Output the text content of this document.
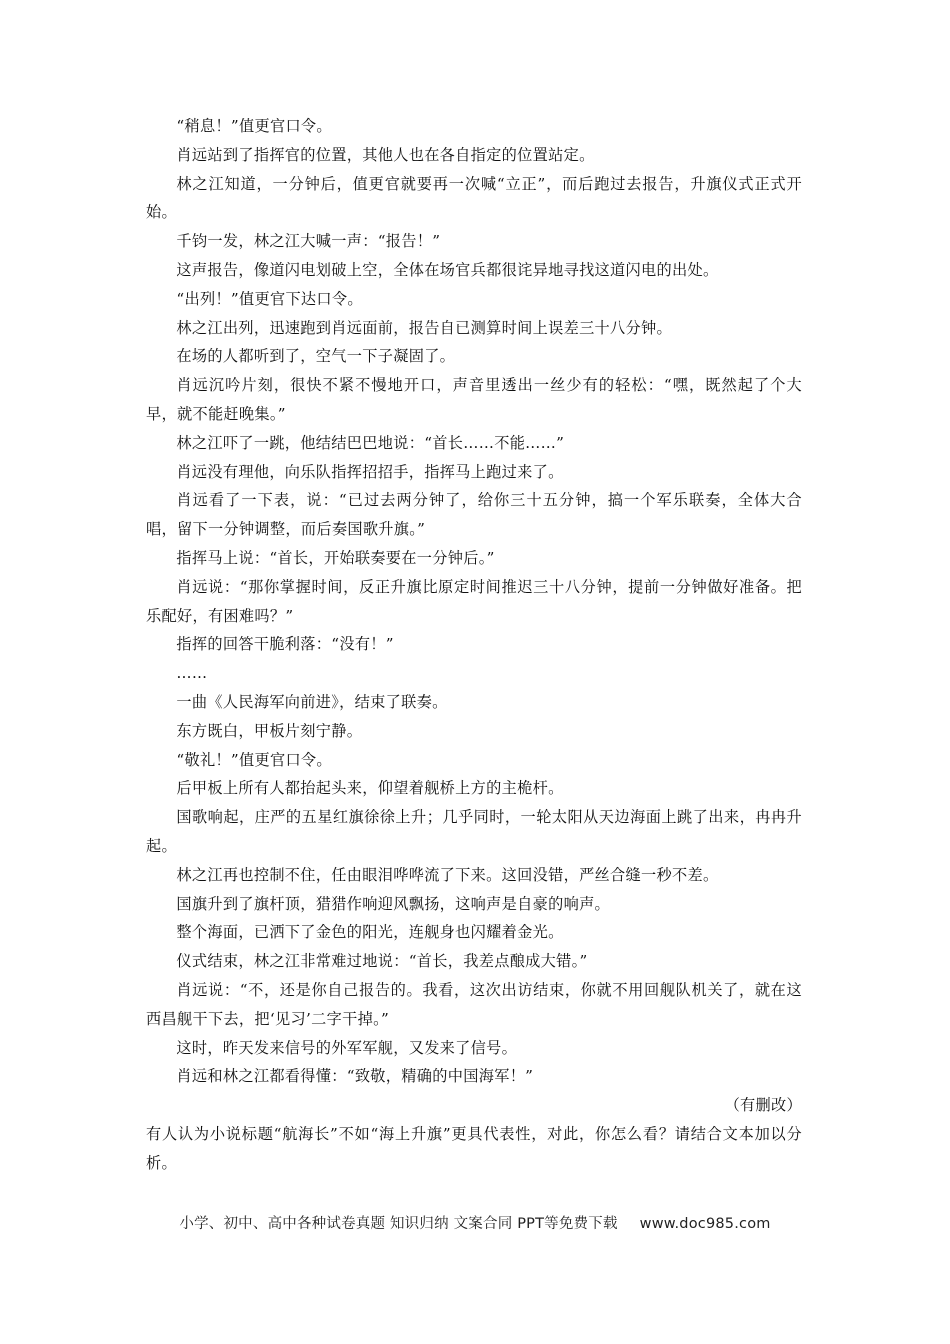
“稍息！”值更官口令。

肖远站到了指挥官的位置，其他人也在各自指定的位置站定。

林之江知道，一分钟后，值更官就要再一次喊“立正”，而后跑过去报告，升旗仪式正式开始。

千钧一发，林之江大喊一声：“报告！”

这声报告，像道闪电划破上空，全体在场官兵都很诧异地寻找这道闪电的出处。

“出列！”值更官下达口令。

林之江出列，迅速跑到肖远面前，报告自已测算时间上误差三十八分钟。

在场的人都听到了，空气一下子凝固了。

肖远沉吟片刻，很快不紧不慢地开口，声音里透出一丝少有的轻松：“嘿，既然起了个大早，就不能赶晚集。”

林之江吓了一跳，他结结巴巴地说：“首长……不能……”

肖远没有理他，向乐队指挥招招手，指挥马上跑过来了。

肖远看了一下表，说：“已过去两分钟了，给你三十五分钟，搞一个军乐联奏，全体大合唱，留下一分钟调整，而后奏国歌升旗。”

指挥马上说：“首长，开始联奏要在一分钟后。”

肖远说：“那你掌握时间，反正升旗比原定时间推迟三十八分钟，提前一分钟做好准备。把乐配好，有困难吗？”

指挥的回答干脆利落：“没有！”

……

一曲《人民海军向前进》，结束了联奏。

东方既白，甲板片刻宁静。

“敬礼！”值更官口令。

后甲板上所有人都抬起头来，仰望着舰桥上方的主桅杆。

国歌响起，庄严的五星红旗徐徐上升；几乎同时，一轮太阳从天边海面上跳了出来，冉冉升起。

林之江再也控制不住，任由眼泪哗哗流了下来。这回没错，严丝合缝一秒不差。

国旗升到了旗杆顶，猎猎作响迎风飘扬，这响声是自豪的响声。

整个海面，已洒下了金色的阳光，连舰身也闪耀着金光。

仪式结束，林之江非常难过地说：“首长，我差点酿成大错。”

肖远说：“不，还是你自己报告的。我看，这次出访结束，你就不用回舰队机关了，就在这西昌舰干下去，把‘见习’二字干掉。”

这时，昨天发来信号的外军军舰，又发来了信号。

肖远和林之江都看得懂：“致敬，精确的中国海军！”

（有删改）

有人认为小说标题“航海长”不如“海上升旗”更具代表性，对此，你怎么看？请结合文本加以分析。

小学、初中、高中各种试卷真题 知识归纳 文案合同 PPT等免费下载 www.doc985.com
